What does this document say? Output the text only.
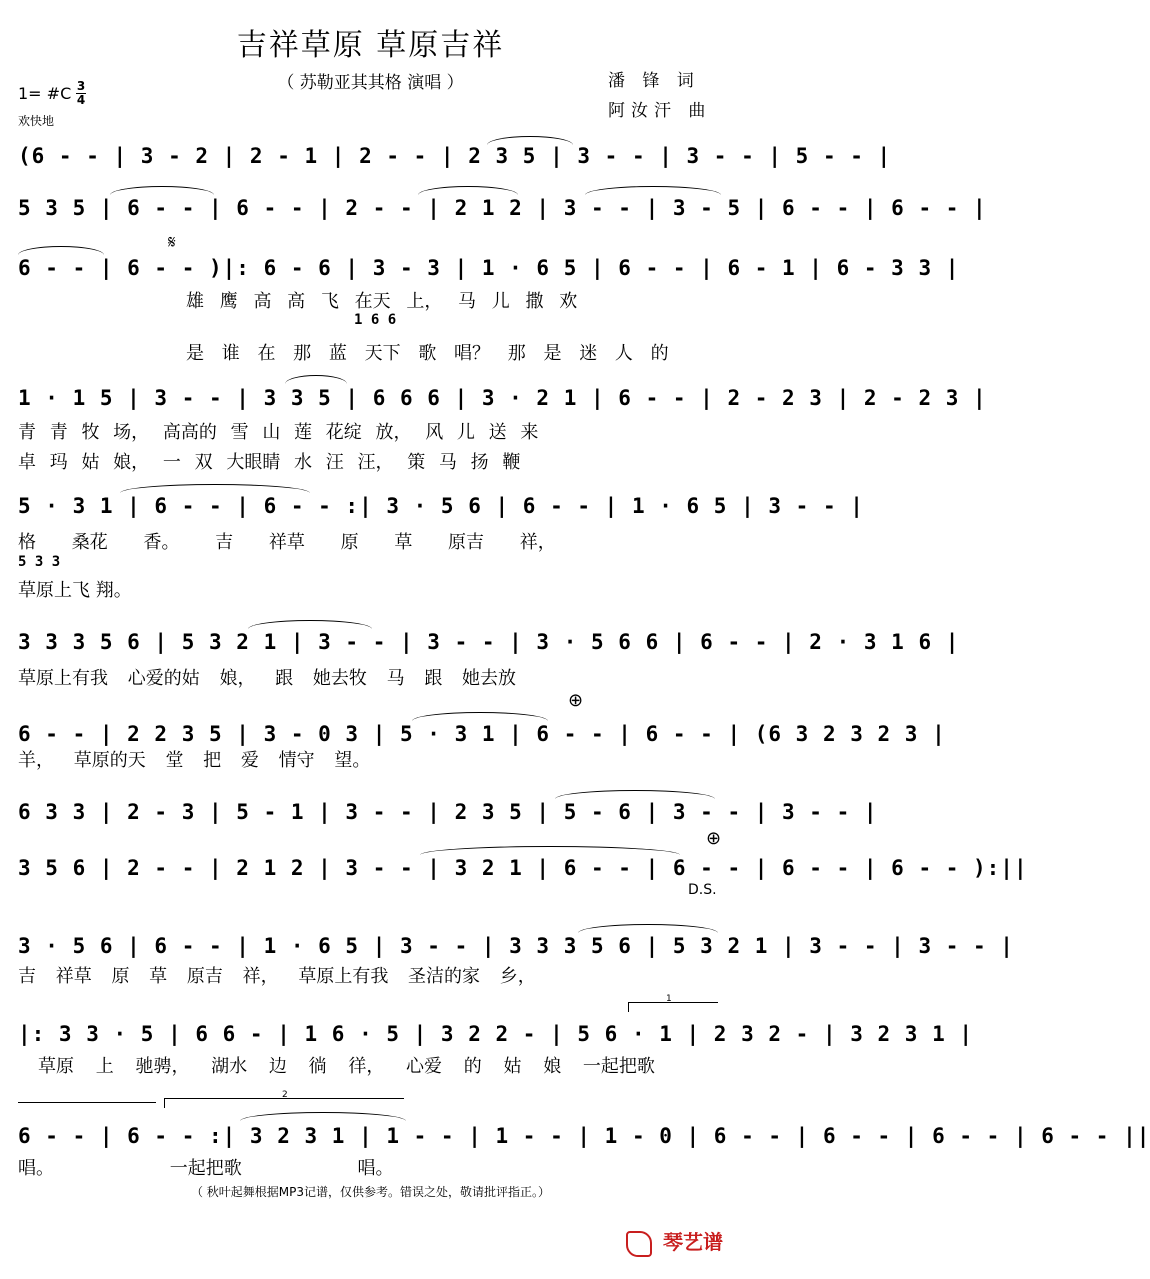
吉祥草原 草原吉祥
（ 苏勒亚其其格 演唱 ）	潘 锋 词
阿汝汗 曲
1= #C 3
4
欢快地
(6 - - | 3 - 2 | 2 - 1 | 2 - - | 2 3 5 | 3 - - | 3 - - | 5 - - |
5 3 5 | 6 - - | 6 - - | 2 - - | 2 1 2 | 3 - - | 3 - 5 | 6 - - | 6 - - |
𝄋
6 - - | 6 - - )|: 6 - 6 | 3 - 3 | 1 · 6 5 | 6 - - | 6 - 1 | 6 - 3 3 |
雄 鹰 高 高 飞 在天 上， 马 儿 撒 欢
1 6 6
是 谁 在 那 蓝 天下 歌 唱？ 那 是 迷 人 的
1 · 1 5 | 3 - - | 3 3 5 | 6 6 6 | 3 · 2 1 | 6 - - | 2 - 2 3 | 2 - 2 3 |
青 青 牧 场， 高高的 雪 山 莲 花绽 放， 风 儿 送 来
卓 玛 姑 娘， 一 双 大眼睛 水 汪 汪， 策 马 扬 鞭
5 · 3 1 | 6 - - | 6 - - :| 3 · 5 6 | 6 - - | 1 · 6 5 | 3 - - |
格 桑花 香。 吉 祥草 原 草 原吉 祥，
5 3 3
草原上飞 翔。
3 3 3 5 6 | 5 3 2 1 | 3 - - | 3 - - | 3 · 5 6 6 | 6 - - | 2 · 3 1 6 |
草原上有我 心爱的姑 娘， 跟 她去牧 马 跟 她去放
⊕
6 - - | 2 2 3 5 | 3 - 0 3 | 5 · 3 1 | 6 - - | 6 - - | (6 3 2 3 2 3 |
羊， 草原的天 堂 把 爱 情守 望。
6 3 3 | 2 - 3 | 5 - 1 | 3 - - | 2 3 5 | 5 - 6 | 3 - - | 3 - - |
⊕
3 5 6 | 2 - - | 2 1 2 | 3 - - | 3 2 1 | 6 - - | 6 - - | 6 - - | 6 - - ):||
D.S.
3 · 5 6 | 6 - - | 1 · 6 5 | 3 - - | 3 3 3 5 6 | 5 3 2 1 | 3 - - | 3 - - |
吉 祥草 原 草 原吉 祥， 草原上有我 圣洁的家 乡，
1
|: 3 3 · 5 | 6 6 - | 1 6 · 5 | 3 2 2 - | 5 6 · 1 | 2 3 2 - | 3 2 3 1 |
草原 上 驰骋， 湖水 边 徜 徉， 心爱 的 姑 娘 一起把歌
2
6 - - | 6 - - :| 3 2 3 1 | 1 - - | 1 - - | 1 - 0 | 6 - - | 6 - - | 6 - - | 6 - - ||
唱。 一起把歌 唱。
（ 秋叶起舞根据MP3记谱，仅供参考。错误之处，敬请批评指正。）
琴艺谱
